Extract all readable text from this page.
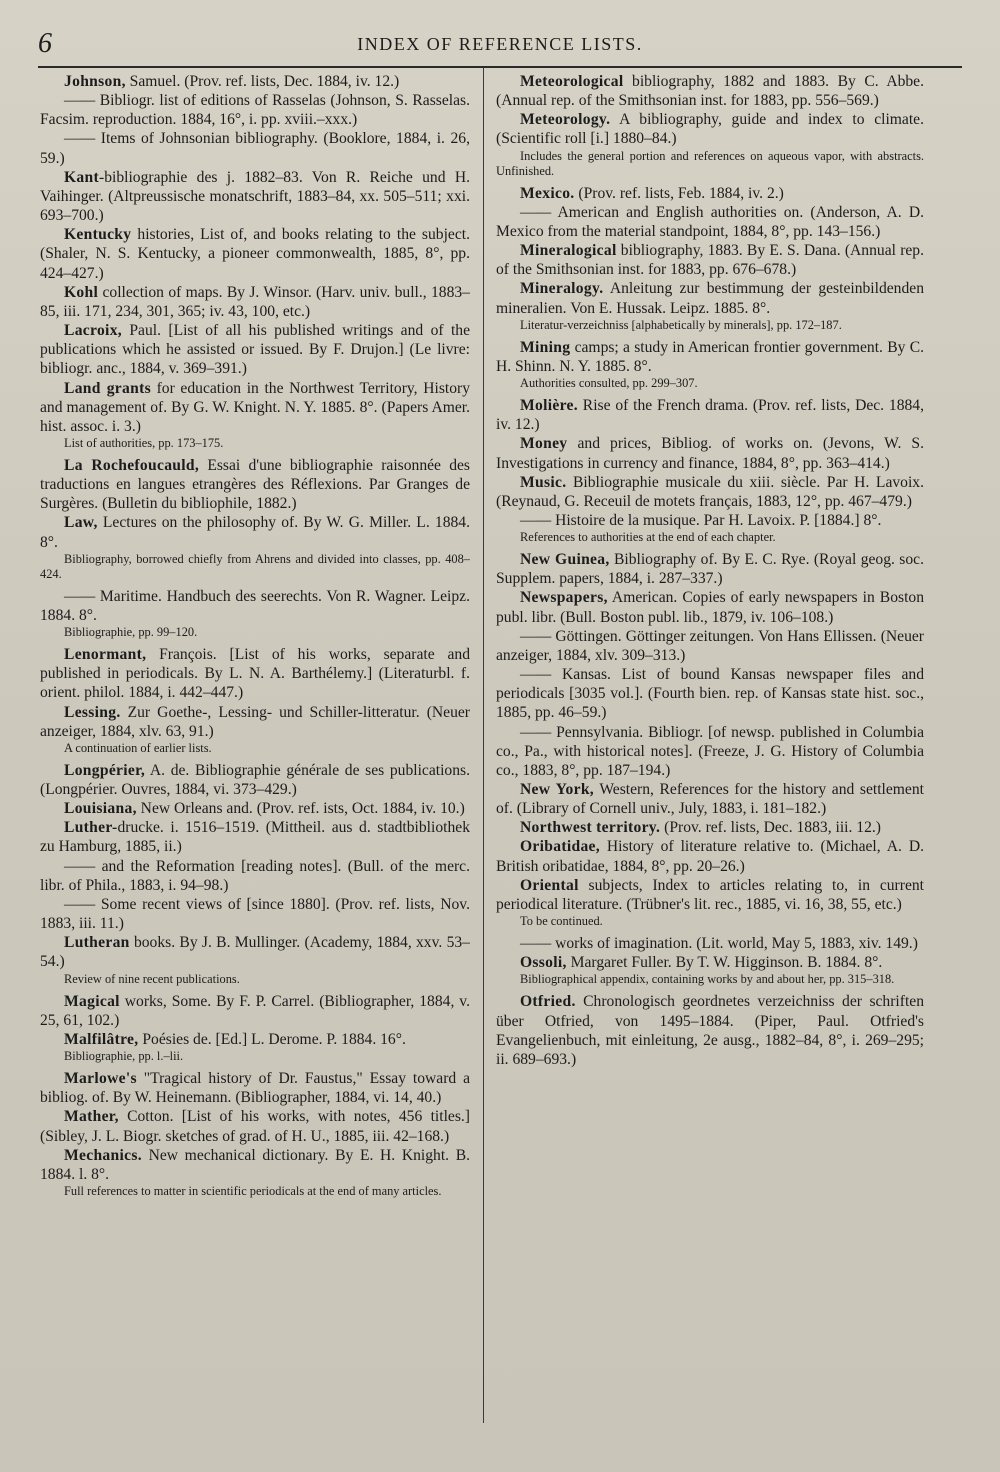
6	INDEX OF REFERENCE LISTS.

Johnson, Samuel. (Prov. ref. lists, Dec. 1884, iv. 12.)

—— Bibliogr. list of editions of Rasselas (Johnson, S. Rasselas. Facsim. reproduction. 1884, 16°, i. pp. xviii.–xxx.)

—— Items of Johnsonian bibliography. (Booklore, 1884, i. 26, 59.)

Kant-bibliographie des j. 1882–83. Von R. Reiche und H. Vaihinger. (Altpreussische monatschrift, 1883–84, xx. 505–511; xxi. 693–700.)

Kentucky histories, List of, and books relating to the subject. (Shaler, N. S. Kentucky, a pioneer commonwealth, 1885, 8°, pp. 424–427.)

Kohl collection of maps. By J. Winsor. (Harv. univ. bull., 1883–85, iii. 171, 234, 301, 365; iv. 43, 100, etc.)

Lacroix, Paul. [List of all his published writings and of the publications which he assisted or issued. By F. Drujon.] (Le livre: bibliogr. anc., 1884, v. 369–391.)

Land grants for education in the Northwest Territory, History and management of. By G. W. Knight. N. Y. 1885. 8°. (Papers Amer. hist. assoc. i. 3.)

List of authorities, pp. 173–175.

La Rochefoucauld, Essai d'une bibliographie raisonnée des traductions en langues etrangères des Réflexions. Par Granges de Surgères. (Bulletin du bibliophile, 1882.)

Law, Lectures on the philosophy of. By W. G. Miller. L. 1884. 8°.

Bibliography, borrowed chiefly from Ahrens and divided into classes, pp. 408–424.

—— Maritime. Handbuch des seerechts. Von R. Wagner. Leipz. 1884. 8°.

Bibliographie, pp. 99–120.

Lenormant, François. [List of his works, separate and published in periodicals. By L. N. A. Barthélemy.] (Literaturbl. f. orient. philol. 1884, i. 442–447.)

Lessing. Zur Goethe-, Lessing- und Schiller-litteratur. (Neuer anzeiger, 1884, xlv. 63, 91.)

A continuation of earlier lists.

Longpérier, A. de. Bibliographie générale de ses publications. (Longpérier. Ouvres, 1884, vi. 373–429.)

Louisiana, New Orleans and. (Prov. ref. ists, Oct. 1884, iv. 10.)

Luther-drucke. i. 1516–1519. (Mittheil. aus d. stadtbibliothek zu Hamburg, 1885, ii.)

—— and the Reformation [reading notes]. (Bull. of the merc. libr. of Phila., 1883, i. 94–98.)

—— Some recent views of [since 1880]. (Prov. ref. lists, Nov. 1883, iii. 11.)

Lutheran books. By J. B. Mullinger. (Academy, 1884, xxv. 53–54.)

Review of nine recent publications.

Magical works, Some. By F. P. Carrel. (Bibliographer, 1884, v. 25, 61, 102.)

Malfilâtre, Poésies de. [Ed.] L. Derome. P. 1884. 16°.

Bibliographie, pp. l.–lii.

Marlowe's "Tragical history of Dr. Faustus," Essay toward a bibliog. of. By W. Heinemann. (Bibliographer, 1884, vi. 14, 40.)

Mather, Cotton. [List of his works, with notes, 456 titles.] (Sibley, J. L. Biogr. sketches of grad. of H. U., 1885, iii. 42–168.)

Mechanics. New mechanical dictionary. By E. H. Knight. B. 1884. l. 8°.

Full references to matter in scientific periodicals at the end of many articles.

Meteorological bibliography, 1882 and 1883. By C. Abbe. (Annual rep. of the Smithsonian inst. for 1883, pp. 556–569.)

Meteorology. A bibliography, guide and index to climate. (Scientific roll [i.] 1880–84.)

Includes the general portion and references on aqueous vapor, with abstracts. Unfinished.

Mexico. (Prov. ref. lists, Feb. 1884, iv. 2.)

—— American and English authorities on. (Anderson, A. D. Mexico from the material standpoint, 1884, 8°, pp. 143–156.)

Mineralogical bibliography, 1883. By E. S. Dana. (Annual rep. of the Smithsonian inst. for 1883, pp. 676–678.)

Mineralogy. Anleitung zur bestimmung der gesteinbildenden mineralien. Von E. Hussak. Leipz. 1885. 8°.

Literatur-verzeichniss [alphabetically by minerals], pp. 172–187.

Mining camps; a study in American frontier government. By C. H. Shinn. N. Y. 1885. 8°.

Authorities consulted, pp. 299–307.

Molière. Rise of the French drama. (Prov. ref. lists, Dec. 1884, iv. 12.)

Money and prices, Bibliog. of works on. (Jevons, W. S. Investigations in currency and finance, 1884, 8°, pp. 363–414.)

Music. Bibliographie musicale du xiii. siècle. Par H. Lavoix. (Reynaud, G. Receuil de motets français, 1883, 12°, pp. 467–479.)

—— Histoire de la musique. Par H. Lavoix. P. [1884.] 8°.

References to authorities at the end of each chapter.

New Guinea, Bibliography of. By E. C. Rye. (Royal geog. soc. Supplem. papers, 1884, i. 287–337.)

Newspapers, American. Copies of early newspapers in Boston publ. libr. (Bull. Boston publ. lib., 1879, iv. 106–108.)

—— Göttingen. Göttinger zeitungen. Von Hans Ellissen. (Neuer anzeiger, 1884, xlv. 309–313.)

—— Kansas. List of bound Kansas newspaper files and periodicals [3035 vol.]. (Fourth bien. rep. of Kansas state hist. soc., 1885, pp. 46–59.)

—— Pennsylvania. Bibliogr. [of newsp. published in Columbia co., Pa., with historical notes]. (Freeze, J. G. History of Columbia co., 1883, 8°, pp. 187–194.)

New York, Western, References for the history and settlement of. (Library of Cornell univ., July, 1883, i. 181–182.)

Northwest territory. (Prov. ref. lists, Dec. 1883, iii. 12.)

Oribatidae, History of literature relative to. (Michael, A. D. British oribatidae, 1884, 8°, pp. 20–26.)

Oriental subjects, Index to articles relating to, in current periodical literature. (Trübner's lit. rec., 1885, vi. 16, 38, 55, etc.)

To be continued.

—— works of imagination. (Lit. world, May 5, 1883, xiv. 149.)

Ossoli, Margaret Fuller. By T. W. Higginson. B. 1884. 8°.

Bibliographical appendix, containing works by and about her, pp. 315–318.

Otfried. Chronologisch geordnetes verzeichniss der schriften über Otfried, von 1495–1884. (Piper, Paul. Otfried's Evangelienbuch, mit einleitung, 2e ausg., 1882–84, 8°, i. 269–295; ii. 689–693.)
